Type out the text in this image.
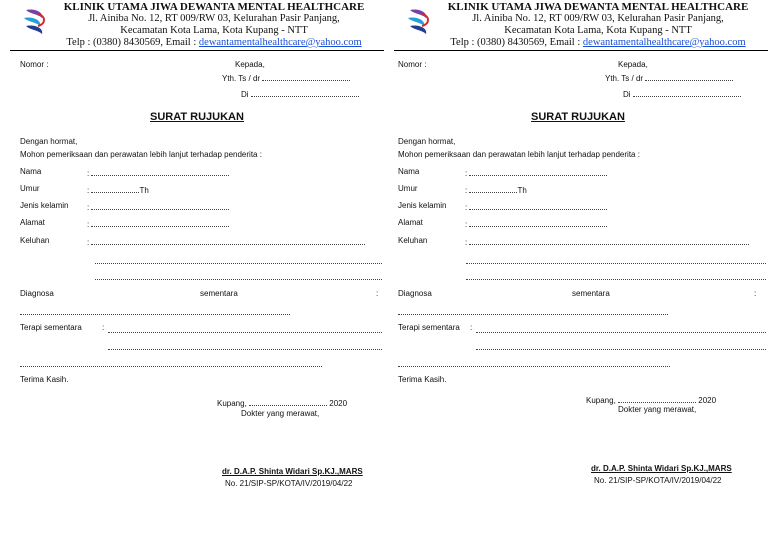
KLINIK UTAMA JIWA DEWANTA MENTAL HEALTHCARE
Jl. Ainiba No. 12, RT 009/RW 03, Kelurahan Pasir Panjang,
Kecamatan Kota Lama, Kota Kupang - NTT
Telp : (0380) 8430569, Email : dewantamentalhealthcare@yahoo.com
Nomor :	Kepada,
Yth. Ts / dr
Di
SURAT RUJUKAN
Dengan hormat,
Mohon pemeriksaan dan perawatan lebih lanjut terhadap penderita :
Nama	:
Umur	:	Th
Jenis kelamin :
Alamat	:
Keluhan	:
Diagnosa	sementara	:
Terapi sementara	:
Terima Kasih.
Kupang,	2020
Dokter yang merawat,
dr. D.A.P. Shinta Widari Sp.KJ.,MARS
No. 21/SIP-SP/KOTA/IV/2019/04/22
KLINIK UTAMA JIWA DEWANTA MENTAL HEALTHCARE
Jl. Ainiba No. 12, RT 009/RW 03, Kelurahan Pasir Panjang,
Kecamatan Kota Lama, Kota Kupang - NTT
Telp : (0380) 8430569, Email : dewantamentalhealthcare@yahoo.com
Nomor :	Kepada,
Yth. Ts / dr
Di
SURAT RUJUKAN
Dengan hormat,
Mohon pemeriksaan dan perawatan lebih lanjut terhadap penderita :
Nama	:
Umur	:	Th
Jenis kelamin :
Alamat	:
Keluhan	:
Diagnosa	sementara	:
Terapi sementara :
Terima Kasih.
Kupang,	2020
Dokter yang merawat,
dr. D.A.P. Shinta Widari Sp.KJ.,MARS
No. 21/SIP-SP/KOTA/IV/2019/04/22
